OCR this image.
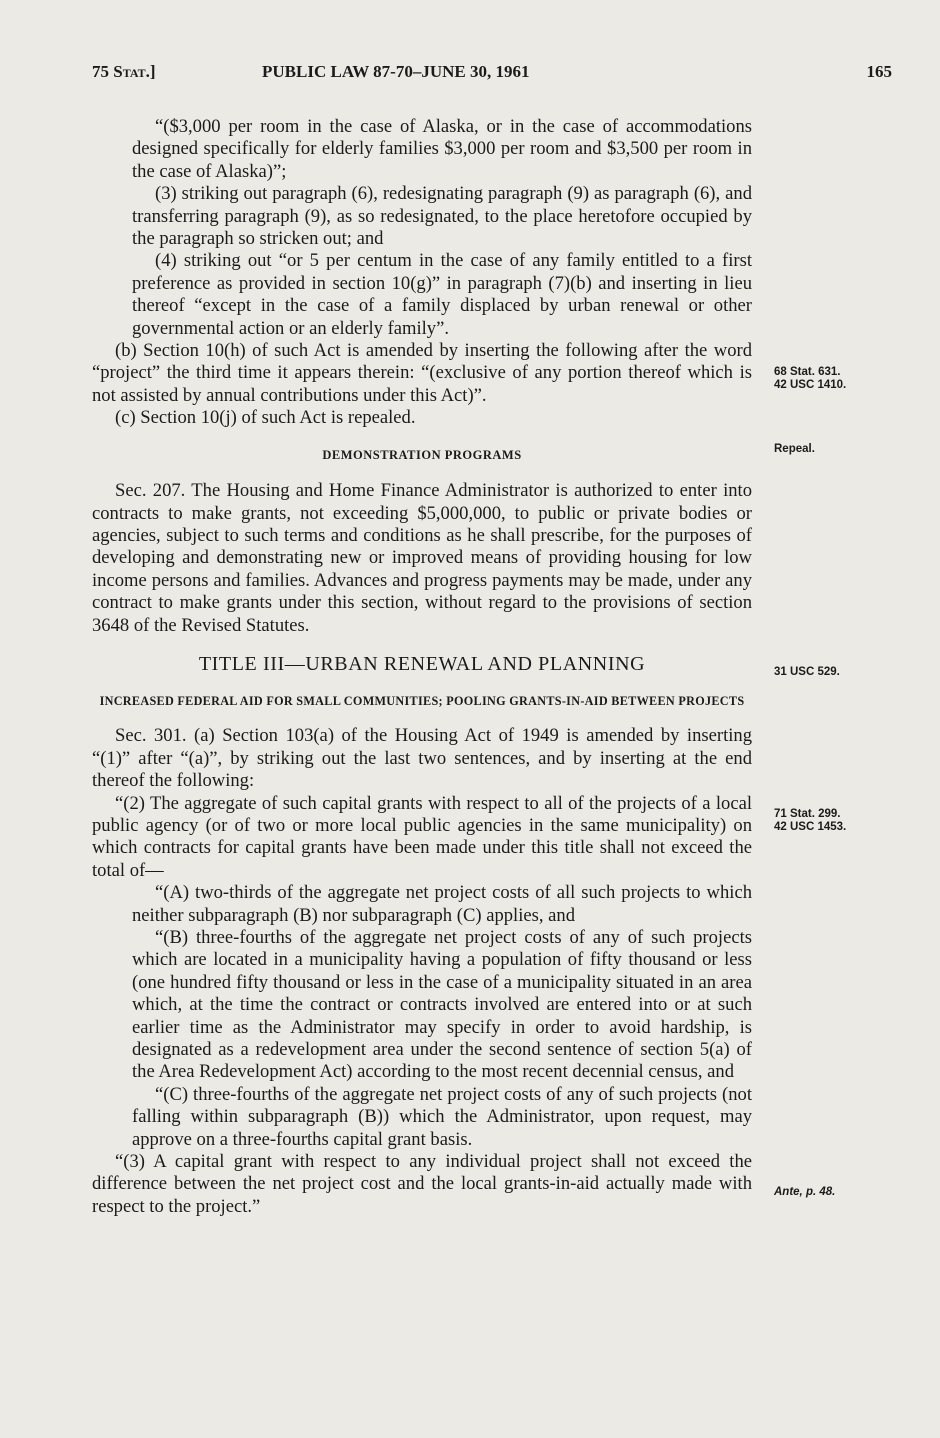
75 Stat.]	PUBLIC LAW 87-70–JUNE 30, 1961	165

“($3,000 per room in the case of Alaska, or in the case of accommodations designed specifically for elderly families $3,000 per room and $3,500 per room in the case of Alaska)”;

(3) striking out paragraph (6), redesignating paragraph (9) as paragraph (6), and transferring paragraph (9), as so redesignated, to the place heretofore occupied by the paragraph so stricken out; and

(4) striking out “or 5 per centum in the case of any family entitled to a first preference as provided in section 10(g)” in paragraph (7)(b) and inserting in lieu thereof “except in the case of a family displaced by urban renewal or other governmental action or an elderly family”.

(b) Section 10(h) of such Act is amended by inserting the following after the word “project” the third time it appears therein: “(exclusive of any portion thereof which is not assisted by annual contributions under this Act)”.

(c) Section 10(j) of such Act is repealed.

DEMONSTRATION PROGRAMS

Sec. 207. The Housing and Home Finance Administrator is authorized to enter into contracts to make grants, not exceeding $5,000,000, to public or private bodies or agencies, subject to such terms and conditions as he shall prescribe, for the purposes of developing and demonstrating new or improved means of providing housing for low income persons and families. Advances and progress payments may be made, under any contract to make grants under this section, without regard to the provisions of section 3648 of the Revised Statutes.

TITLE III—URBAN RENEWAL AND PLANNING

INCREASED FEDERAL AID FOR SMALL COMMUNITIES; POOLING GRANTS-IN-AID BETWEEN PROJECTS

Sec. 301. (a) Section 103(a) of the Housing Act of 1949 is amended by inserting “(1)” after “(a)”, by striking out the last two sentences, and by inserting at the end thereof the following:

“(2) The aggregate of such capital grants with respect to all of the projects of a local public agency (or of two or more local public agencies in the same municipality) on which contracts for capital grants have been made under this title shall not exceed the total of—

“(A) two-thirds of the aggregate net project costs of all such projects to which neither subparagraph (B) nor subparagraph (C) applies, and

“(B) three-fourths of the aggregate net project costs of any of such projects which are located in a municipality having a population of fifty thousand or less (one hundred fifty thousand or less in the case of a municipality situated in an area which, at the time the contract or contracts involved are entered into or at such earlier time as the Administrator may specify in order to avoid hardship, is designated as a redevelopment area under the second sentence of section 5(a) of the Area Redevelopment Act) according to the most recent decennial census, and

“(C) three-fourths of the aggregate net project costs of any of such projects (not falling within subparagraph (B)) which the Administrator, upon request, may approve on a three-fourths capital grant basis.

“(3) A capital grant with respect to any individual project shall not exceed the difference between the net project cost and the local grants-in-aid actually made with respect to the project.”

68 Stat. 631.
42 USC 1410.
Repeal.
31 USC 529.
71 Stat. 299.
42 USC 1453.
Ante, p. 48.
